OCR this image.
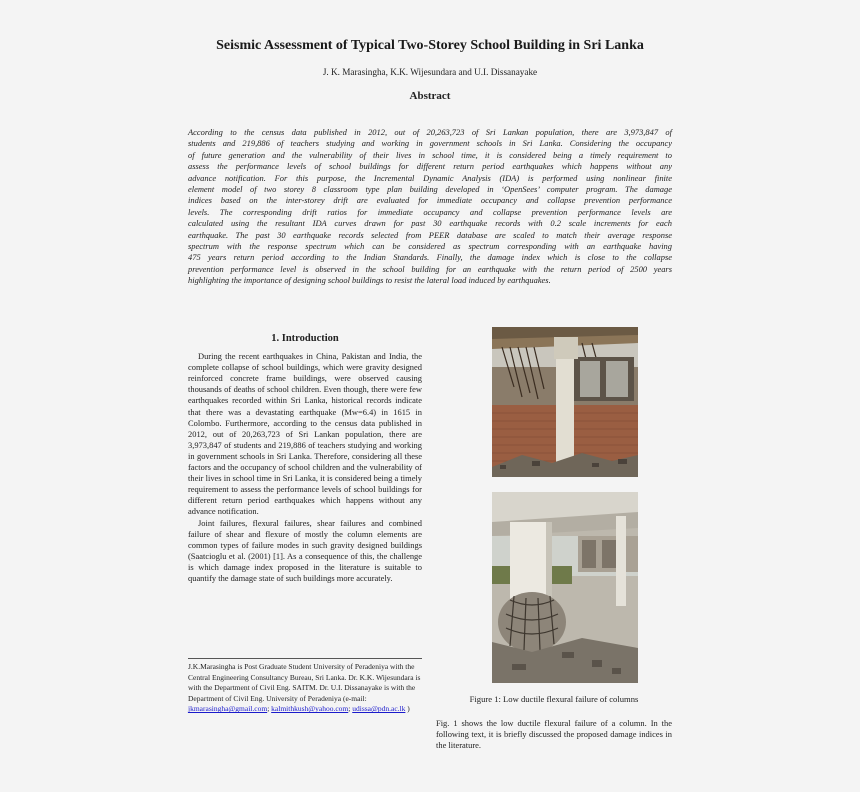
Seismic Assessment of Typical Two-Storey School Building in Sri Lanka
J. K. Marasingha, K.K. Wijesundara and U.I. Dissanayake
Abstract
According to the census data published in 2012, out of 20,263,723 of Sri Lankan population, there are 3,973,847 of
students and 219,886 of teachers studying and working in government schools in Sri Lanka. Considering the occupancy
of future generation and the vulnerability of their lives in school time, it is considered being a timely requirement to
assess the performance levels of school buildings for different return period earthquakes which happens without any
advance notification. For this purpose, the Incremental Dynamic Analysis (IDA) is performed using nonlinear finite
element model of two storey 8 classroom type plan building developed in ‘OpenSees’ computer program. The damage
indices based on the inter-storey drift are evaluated for immediate occupancy and collapse prevention performance
levels. The corresponding drift ratios for immediate occupancy and collapse prevention performance levels are
calculated using the resultant IDA curves drawn for past 30 earthquake records with 0.2 scale increments for each
earthquake. The past 30 earthquake records selected from PEER database are scaled to match their average response
spectrum with the response spectrum which can be considered as spectrum corresponding with an earthquake having
475 years return period according to the Indian Standards. Finally, the damage index which is close to the collapse
prevention performance level is observed in the school building for an earthquake with the return period of 2500 years
highlighting the importance of designing school buildings to resist the lateral load induced by earthquakes.
1. Introduction

During the recent earthquakes in China, Pakistan and India, the complete collapse of school buildings, which were gravity designed reinforced concrete frame buildings, were observed causing thousands of deaths of school children. Even though, there were few earthquakes recorded within Sri Lanka, historical records indicate that there was a devastating earthquake (Mw=6.4) in 1615 in Colombo. Furthermore, according to the census data published in 2012, out of 20,263,723 of Sri Lankan population, there are 3,973,847 of students and 219,886 of teachers studying and working in government schools in Sri Lanka. Therefore, considering all these factors and the occupancy of school children and the vulnerability of their lives in school time in Sri Lanka, it is considered being a timely requirement to assess the performance levels of school buildings for different return period earthquakes which happens without any advance notification.

Joint failures, flexural failures, shear failures and combined failure of shear and flexure of mostly the column elements are common types of failure modes in such gravity designed buildings (Saatcioglu et al. (2001) [1]. As a consequence of this, the challenge is which damage index proposed in the literature is suitable to quantify the damage state of such buildings more accurately.

J.K.Marasingha is Post Graduate Student University of Peradeniya with the Central Engineering Consultancy Bureau, Sri Lanka. Dr. K.K. Wijesundara is with the Department of Civil Eng. SAITM. Dr. U.I. Dissanayake is with the Department of Civil Eng. University of Peradeniya (e-mail: jkmarasingha@gmail.com; kalmithkush@yahoo.com; udissa@pdn.ac.lk )
Figure 1: Low ductile flexural failure of columns
Fig. 1 shows the low ductile flexural failure of a column. In the following text, it is briefly discussed the proposed damage indices in the literature.
